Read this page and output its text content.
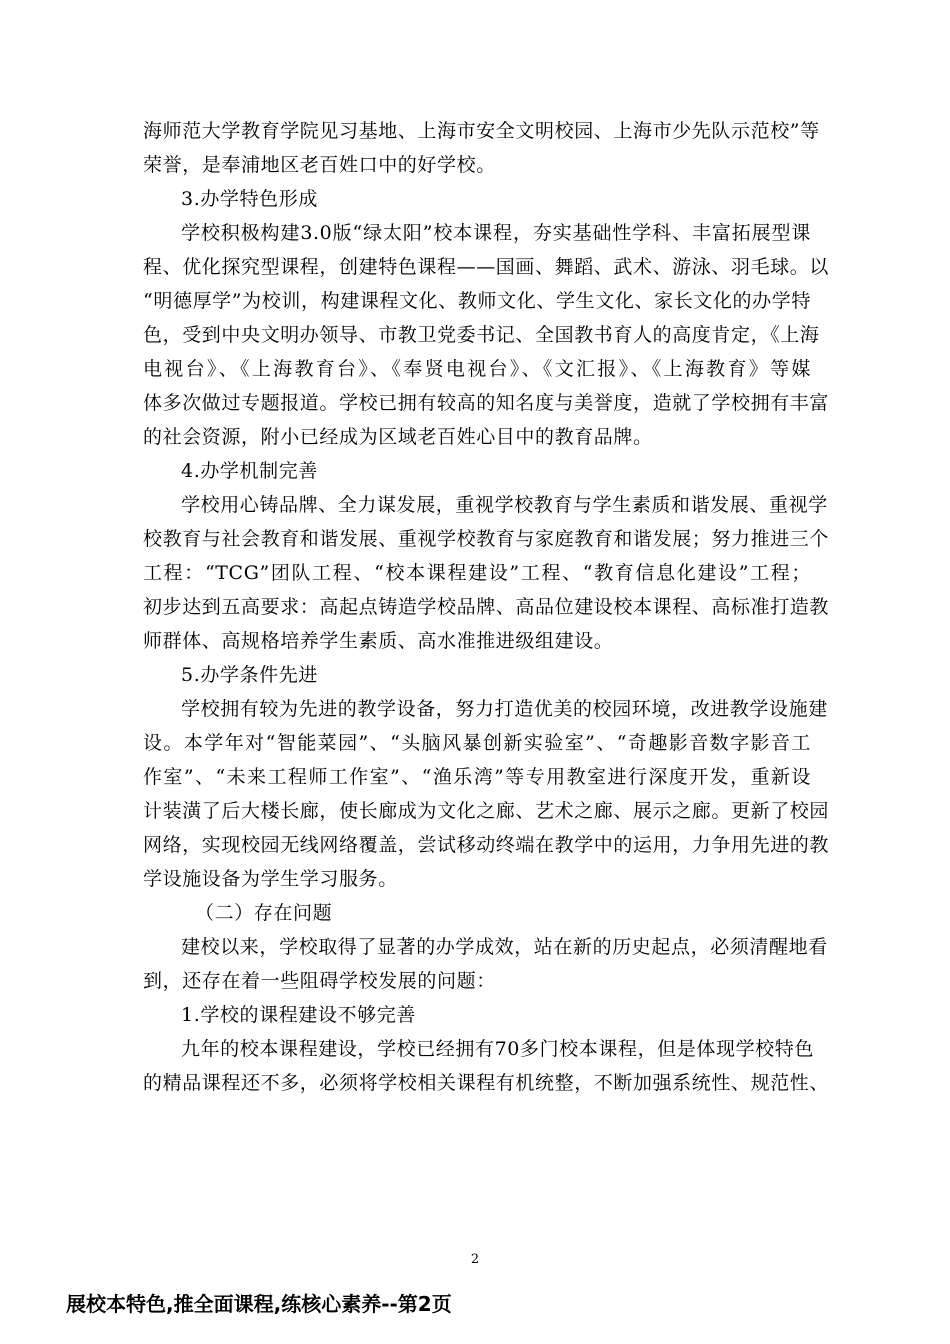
海师范大学教育学院见习基地、上海市安全文明校园、上海市少先队示范校”等
荣誉，是奉浦地区老百姓口中的好学校。
3.办学特色形成
学校积极构建3.0版“绿太阳”校本课程，夯实基础性学科、丰富拓展型课
程、优化探究型课程，创建特色课程——国画、舞蹈、武术、游泳、羽毛球。以
“明德厚学”为校训，构建课程文化、教师文化、学生文化、家长文化的办学特
色，受到中央文明办领导、市教卫党委书记、全国教书育人的高度肯定，《上海
电视台》、《上海教育台》、《奉贤电视台》、《文汇报》、《上海教育》等媒
体多次做过专题报道。学校已拥有较高的知名度与美誉度，造就了学校拥有丰富
的社会资源，附小已经成为区域老百姓心目中的教育品牌。
4.办学机制完善
学校用心铸品牌、全力谋发展，重视学校教育与学生素质和谐发展、重视学
校教育与社会教育和谐发展、重视学校教育与家庭教育和谐发展；努力推进三个
工程：“TCG”团队工程、“校本课程建设”工程、“教育信息化建设”工程；
初步达到五高要求：高起点铸造学校品牌、高品位建设校本课程、高标准打造教
师群体、高规格培养学生素质、高水准推进级组建设。
5.办学条件先进
学校拥有较为先进的教学设备，努力打造优美的校园环境，改进教学设施建
设。本学年对“智能菜园”、“头脑风暴创新实验室”、“奇趣影音数字影音工
作室”、“未来工程师工作室”、“渔乐湾”等专用教室进行深度开发，重新设
计装潢了后大楼长廊，使长廊成为文化之廊、艺术之廊、展示之廊。更新了校园
网络，实现校园无线网络覆盖，尝试移动终端在教学中的运用，力争用先进的教
学设施设备为学生学习服务。
（二）存在问题
建校以来，学校取得了显著的办学成效，站在新的历史起点，必须清醒地看
到，还存在着一些阻碍学校发展的问题：
1.学校的课程建设不够完善
九年的校本课程建设，学校已经拥有70多门校本课程，但是体现学校特色
的精品课程还不多，必须将学校相关课程有机统整，不断加强系统性、规范性、
2
展校本特色,推全面课程,练核心素养--第2页
